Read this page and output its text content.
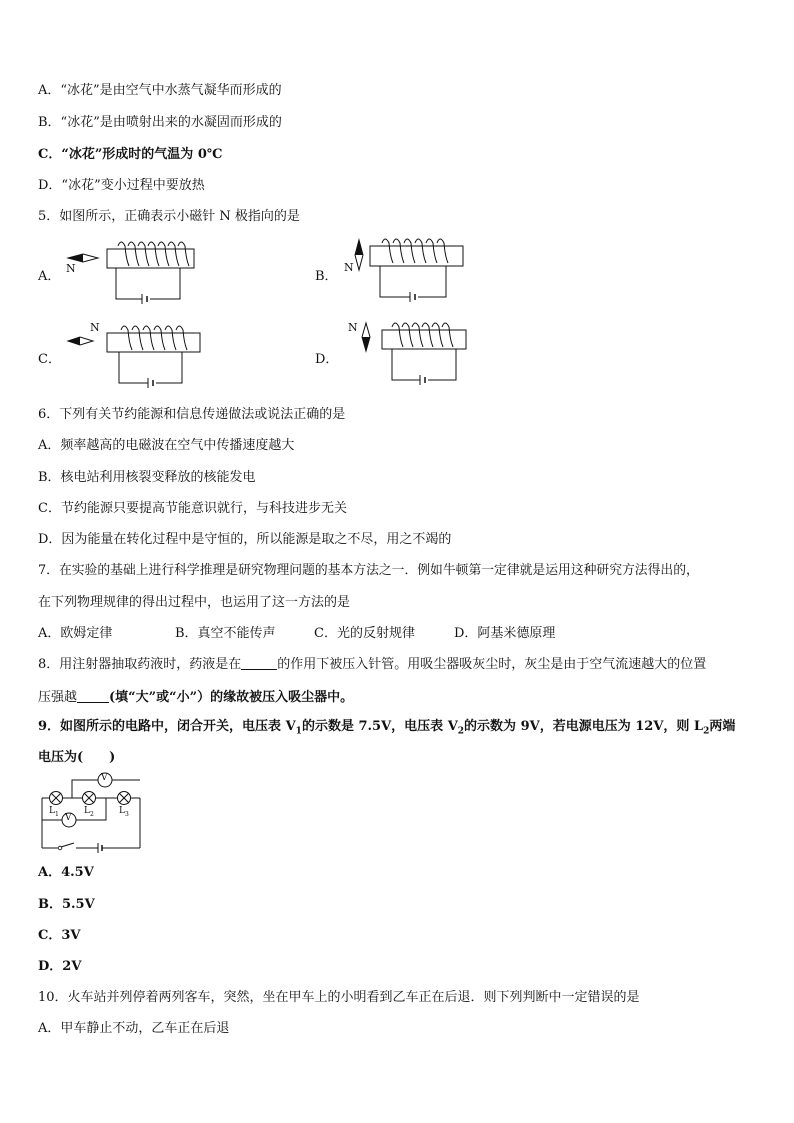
A．“冰花”是由空气中水蒸气凝华而形成的
B．“冰花”是由喷射出来的水凝固而形成的
C．“冰花”形成时的气温为 0℃
D．“冰花”变小过程中要放热
5．如图所示，正确表示小磁针 N 极指向的是
A．	B．
C．	D．
N	N
N	N
6．下列有关节约能源和信息传递做法或说法正确的是
A．频率越高的电磁波在空气中传播速度越大
B．核电站利用核裂变释放的核能发电
C．节约能源只要提高节能意识就行，与科技进步无关
D．因为能量在转化过程中是守恒的，所以能源是取之不尽，用之不竭的
7．在实验的基础上进行科学推理是研究物理问题的基本方法之一．例如牛顿第一定律就是运用这种研究方法得出的，
在下列物理规律的得出过程中，也运用了这一方法的是
A．欧姆定律	B．真空不能传声	C．光的反射规律	D．阿基米德原理
8．用注射器抽取药液时，药液是在	的作用下被压入针管。用吸尘器吸灰尘时，灰尘是由于空气流速越大的位置
压强越 (填“大”或“小”）的缘故被压入吸尘器中。
9．如图所示的电路中，闭合开关，电压表 $V_1$的示数是 7.5V，电压表 $V_2$的示数为 9V，若电源电压为 12V，则 $L_2$两端
电压为(　　)
V
V
$L_1$	$L_2$	$L_3$
A．4.5V
B．5.5V
C．3V
D．2V
10．火车站并列停着两列客车，突然，坐在甲车上的小明看到乙车正在后退．则下列判断中一定错误的是
A．甲车静止不动，乙车正在后退
